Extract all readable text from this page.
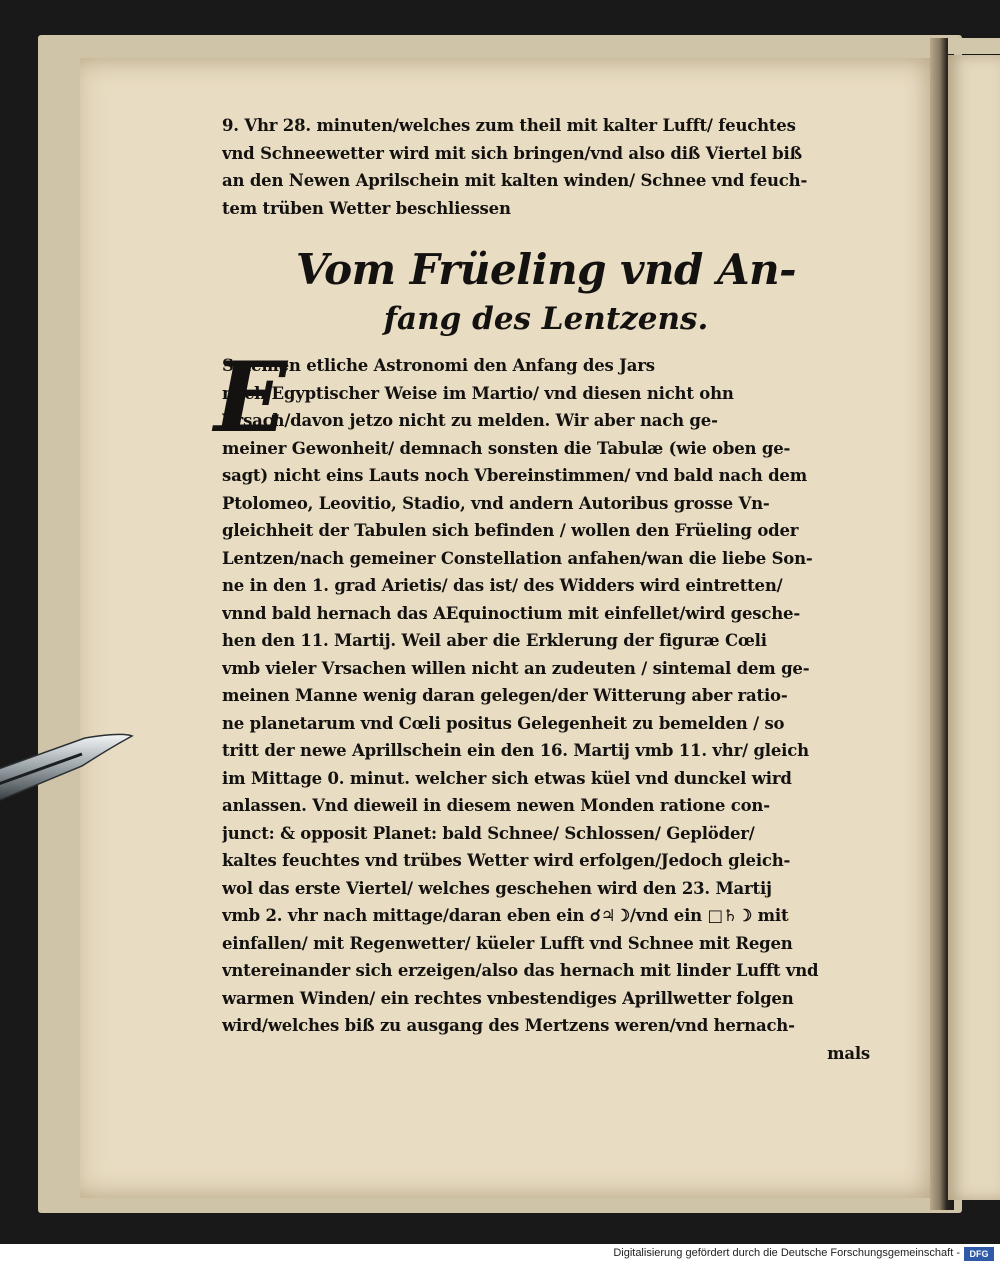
9. Vhr 28. minuten/welches zum theil mit kalter Lufft/ feuchtes
vnd Schneewetter wird mit sich bringen/vnd also diß Viertel biß
an den Newen Aprilschein mit kalten winden/ Schnee vnd feuch-
tem trüben Wetter beschliessen
Vom Früeling vnd An-
fang des Lentzens.
E
S nemen etliche Astronomi den Anfang des Jars
nach Egyptischer Weise im Martio/ vnd diesen nicht ohn
Vrsach/davon jetzo nicht zu melden. Wir aber nach ge-
meiner Gewonheit/ demnach sonsten die Tabulæ (wie oben ge-
sagt) nicht eins Lauts noch Vbereinstimmen/ vnd bald nach dem
Ptolomeo, Leovitio, Stadio, vnd andern Autoribus grosse Vn-
gleichheit der Tabulen sich befinden / wollen den Früeling oder
Lentzen/nach gemeiner Constellation anfahen/wan die liebe Son-
ne in den 1. grad Arietis/ das ist/ des Widders wird eintretten/
vnnd bald hernach das AEquinoctium mit einfellet/wird gesche-
hen den 11. Martij. Weil aber die Erklerung der figuræ Cœli
vmb vieler Vrsachen willen nicht an zudeuten / sintemal dem ge-
meinen Manne wenig daran gelegen/der Witterung aber ratio-
ne planetarum vnd Cœli positus Gelegenheit zu bemelden / so
tritt der newe Aprillschein ein den 16. Martij vmb 11. vhr/ gleich
im Mittage 0. minut. welcher sich etwas küel vnd dunckel wird
anlassen. Vnd dieweil in diesem newen Monden ratione con-
junct: & opposit Planet: bald Schnee/ Schlossen/ Geplöder/
kaltes feuchtes vnd trübes Wetter wird erfolgen/Jedoch gleich-
wol das erste Viertel/ welches geschehen wird den 23. Martij
vmb 2. vhr nach mittage/daran eben ein ☌♃☽/vnd ein □♄☽ mit
einfallen/ mit Regenwetter/ küeler Lufft vnd Schnee mit Regen
vntereinander sich erzeigen/also das hernach mit linder Lufft vnd
warmen Winden/ ein rechtes vnbestendiges Aprillwetter folgen
wird/welches biß zu ausgang des Mertzens weren/vnd hernach-
mals
Digitalisierung gefördert durch die Deutsche Forschungsgemeinschaft -	DFG
